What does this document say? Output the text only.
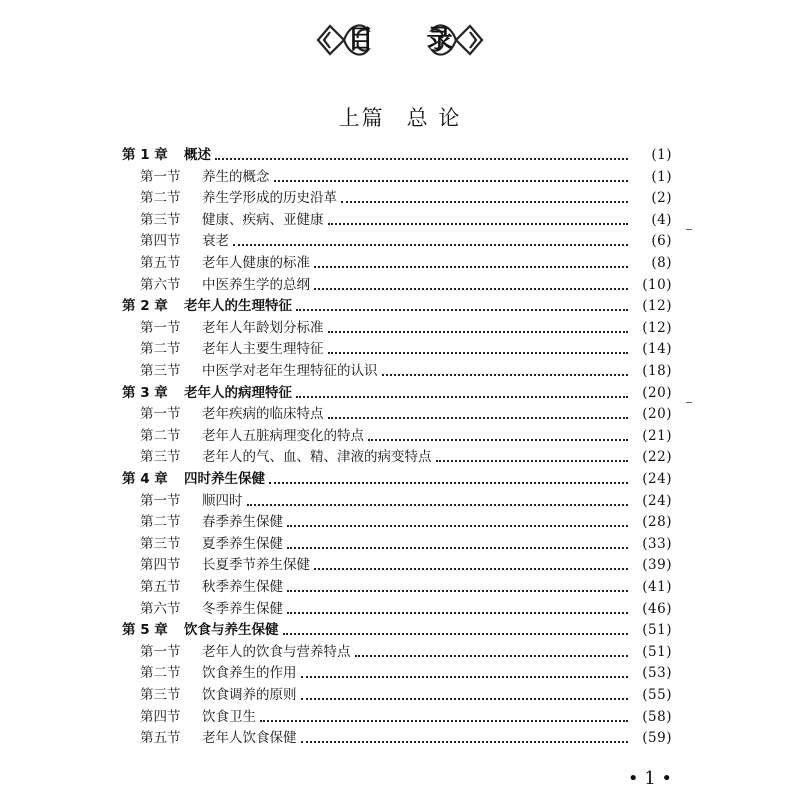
目 录
上篇 总 论
第 1 章	概述	(1)
第一节	养生的概念	(1)
第二节	养生学形成的历史沿革	(2)
第三节	健康、疾病、亚健康	(4)
第四节	衰老	(6)
第五节	老年人健康的标准	(8)
第六节	中医养生学的总纲	(10)
第 2 章	老年人的生理特征	(12)
第一节	老年人年龄划分标准	(12)
第二节	老年人主要生理特征	(14)
第三节	中医学对老年生理特征的认识	(18)
第 3 章	老年人的病理特征	(20)
第一节	老年疾病的临床特点	(20)
第二节	老年人五脏病理变化的特点	(21)
第三节	老年人的气、血、精、津液的病变特点	(22)
第 4 章	四时养生保健	(24)
第一节	顺四时	(24)
第二节	春季养生保健	(28)
第三节	夏季养生保健	(33)
第四节	长夏季节养生保健	(39)
第五节	秋季养生保健	(41)
第六节	冬季养生保健	(46)
第 5 章	饮食与养生保健	(51)
第一节	老年人的饮食与营养特点	(51)
第二节	饮食养生的作用	(53)
第三节	饮食调养的原则	(55)
第四节	饮食卫生	(58)
第五节	老年人饮食保健	(59)
• 1 •
